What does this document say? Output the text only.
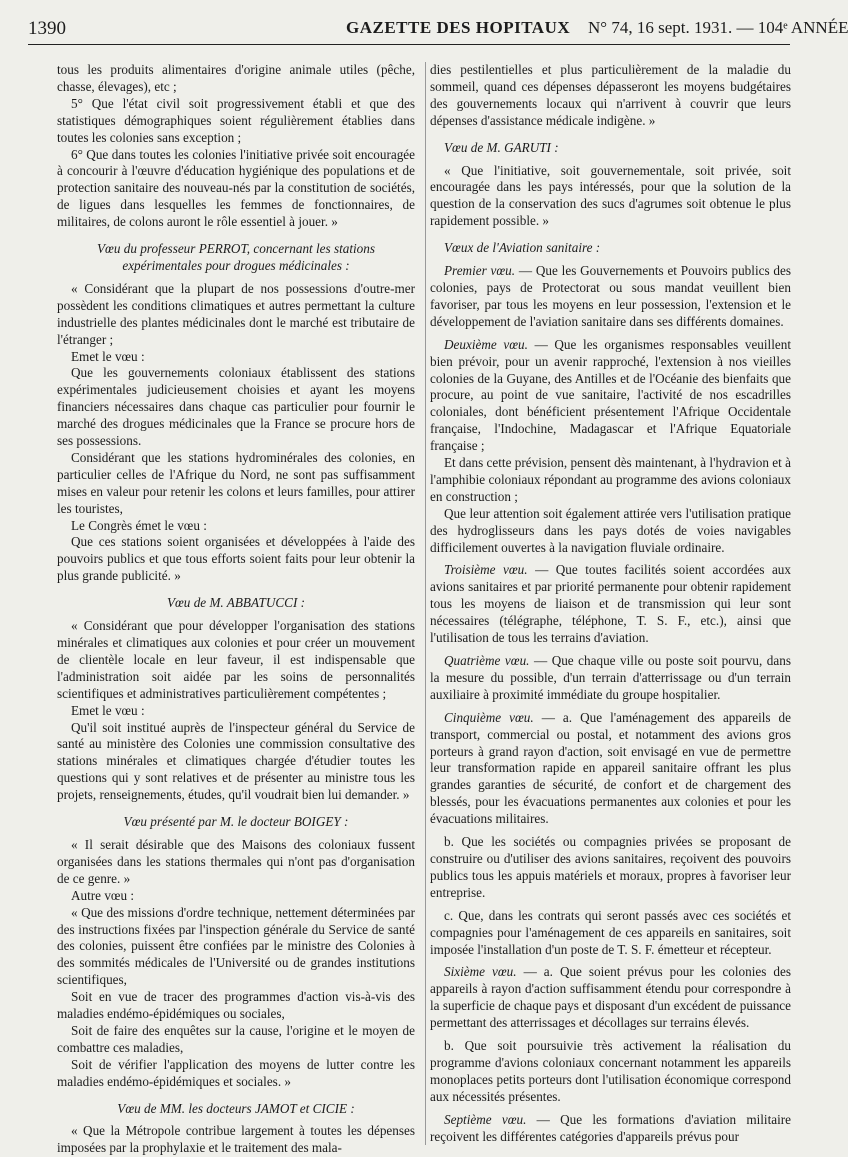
1390	GAZETTE DES HOPITAUX N° 74, 16 sept. 1931. — 104ᵉ ANNÉE

tous les produits alimentaires d'origine animale utiles (pêche, chasse, élevages), etc ;

5° Que l'état civil soit progressivement établi et que des statistiques démographiques soient régulièrement établies dans toutes les colonies sans exception ;

6° Que dans toutes les colonies l'initiative privée soit encouragée à concourir à l'œuvre d'éducation hygiénique des populations et de protection sanitaire des nouveau-nés par la constitution de sociétés, de ligues dans lesquelles les femmes de fonctionnaires, de militaires, de colons auront le rôle essentiel à jouer. »

Vœu du professeur PERROT, concernant les stations expérimentales pour drogues médicinales :

« Considérant que la plupart de nos possessions d'outre-mer possèdent les conditions climatiques et autres permettant la culture industrielle des plantes médicinales dont le marché est tributaire de l'étranger ;

Emet le vœu :

Que les gouvernements coloniaux établissent des stations expérimentales judicieusement choisies et ayant les moyens financiers nécessaires dans chaque cas particulier pour fournir le marché des drogues médicinales que la France se procure hors de ses possessions.

Considérant que les stations hydrominérales des colonies, en particulier celles de l'Afrique du Nord, ne sont pas suffisamment mises en valeur pour retenir les colons et leurs familles, pour attirer les touristes,

Le Congrès émet le vœu :

Que ces stations soient organisées et développées à l'aide des pouvoirs publics et que tous efforts soient faits pour leur obtenir la plus grande publicité. »

Vœu de M. ABBATUCCI :

« Considérant que pour développer l'organisation des stations minérales et climatiques aux colonies et pour créer un mouvement de clientèle locale en leur faveur, il est indispensable que l'administration soit aidée par les soins de personnalités scientifiques et administratives particulièrement compétentes ;

Emet le vœu :

Qu'il soit institué auprès de l'inspecteur général du Service de santé au ministère des Colonies une commission consultative des stations minérales et climatiques chargée d'étudier toutes les questions qui y sont relatives et de présenter au ministre tous les projets, renseignements, études, qu'il voudrait bien lui demander. »

Vœu présenté par M. le docteur BOIGEY :

« Il serait désirable que des Maisons des coloniaux fussent organisées dans les stations thermales qui n'ont pas d'organisation de ce genre. »

Autre vœu :

« Que des missions d'ordre technique, nettement déterminées par des instructions fixées par l'inspection générale du Service de santé des colonies, puissent être confiées par le ministre des Colonies à des sommités médicales de l'Université ou de grandes institutions scientifiques,

Soit en vue de tracer des programmes d'action vis-à-vis des maladies endémo-épidémiques ou sociales,

Soit de faire des enquêtes sur la cause, l'origine et le moyen de combattre ces maladies,

Soit de vérifier l'application des moyens de lutter contre les maladies endémo-épidémiques et sociales. »

Vœu de MM. les docteurs JAMOT et CICIE :

« Que la Métropole contribue largement à toutes les dépenses imposées par la prophylaxie et le traitement des mala-

dies pestilentielles et plus particulièrement de la maladie du sommeil, quand ces dépenses dépasseront les moyens budgétaires des gouvernements locaux qui n'arrivent à couvrir que leurs dépenses d'assistance médicale indigène. »

Vœu de M. GARUTI :

« Que l'initiative, soit gouvernementale, soit privée, soit encouragée dans les pays intéressés, pour que la solution de la question de la conservation des sucs d'agrumes soit obtenue le plus rapidement possible. »

Vœux de l'Aviation sanitaire :

Premier vœu. — Que les Gouvernements et Pouvoirs publics des colonies, pays de Protectorat ou sous mandat veuillent bien favoriser, par tous les moyens en leur possession, l'extension et le développement de l'aviation sanitaire dans ses différents domaines.

Deuxième vœu. — Que les organismes responsables veuillent bien prévoir, pour un avenir rapproché, l'extension à nos vieilles colonies de la Guyane, des Antilles et de l'Océanie des bienfaits que procure, au point de vue sanitaire, l'activité de nos escadrilles coloniales, dont bénéficient présentement l'Afrique Occidentale française, l'Indochine, Madagascar et l'Afrique Equatoriale française ;

Et dans cette prévision, pensent dès maintenant, à l'hydravion et à l'amphibie coloniaux répondant au programme des avions coloniaux en construction ;

Que leur attention soit également attirée vers l'utilisation pratique des hydroglisseurs dans les pays dotés de voies navigables difficilement ouvertes à la navigation fluviale ordinaire.

Troisième vœu. — Que toutes facilités soient accordées aux avions sanitaires et par priorité permanente pour obtenir rapidement tous les moyens de liaison et de transmission qui leur sont nécessaires (télégraphe, téléphone, T. S. F., etc.), ainsi que l'utilisation de tous les terrains d'aviation.

Quatrième vœu. — Que chaque ville ou poste soit pourvu, dans la mesure du possible, d'un terrain d'atterrissage ou d'un terrain auxiliaire à proximité immédiate du groupe hospitalier.

Cinquième vœu. — a. Que l'aménagement des appareils de transport, commercial ou postal, et notamment des avions gros porteurs à grand rayon d'action, soit envisagé en vue de permettre leur transformation rapide en appareil sanitaire offrant les plus grandes garanties de sécurité, de confort et de chargement des blessés, pour les évacuations permanentes aux colonies et pour les évacuations militaires.

b. Que les sociétés ou compagnies privées se proposant de construire ou d'utiliser des avions sanitaires, reçoivent des pouvoirs publics tous les appuis matériels et moraux, propres à favoriser leur entreprise.

c. Que, dans les contrats qui seront passés avec ces sociétés et compagnies pour l'aménagement de ces appareils en sanitaires, soit imposée l'installation d'un poste de T. S. F. émetteur et récepteur.

Sixième vœu. — a. Que soient prévus pour les colonies des appareils à rayon d'action suffisamment étendu pour correspondre à la superficie de chaque pays et disposant d'un excédent de puissance permettant des atterrissages et décollages sur terrains élevés.

b. Que soit poursuivie très activement la réalisation du programme d'avions coloniaux concernant notamment les appareils monoplaces petits porteurs dont l'utilisation économique correspond aux nécessités présentes.

Septième vœu. — Que les formations d'aviation militaire reçoivent les différentes catégories d'appareils prévus pour
